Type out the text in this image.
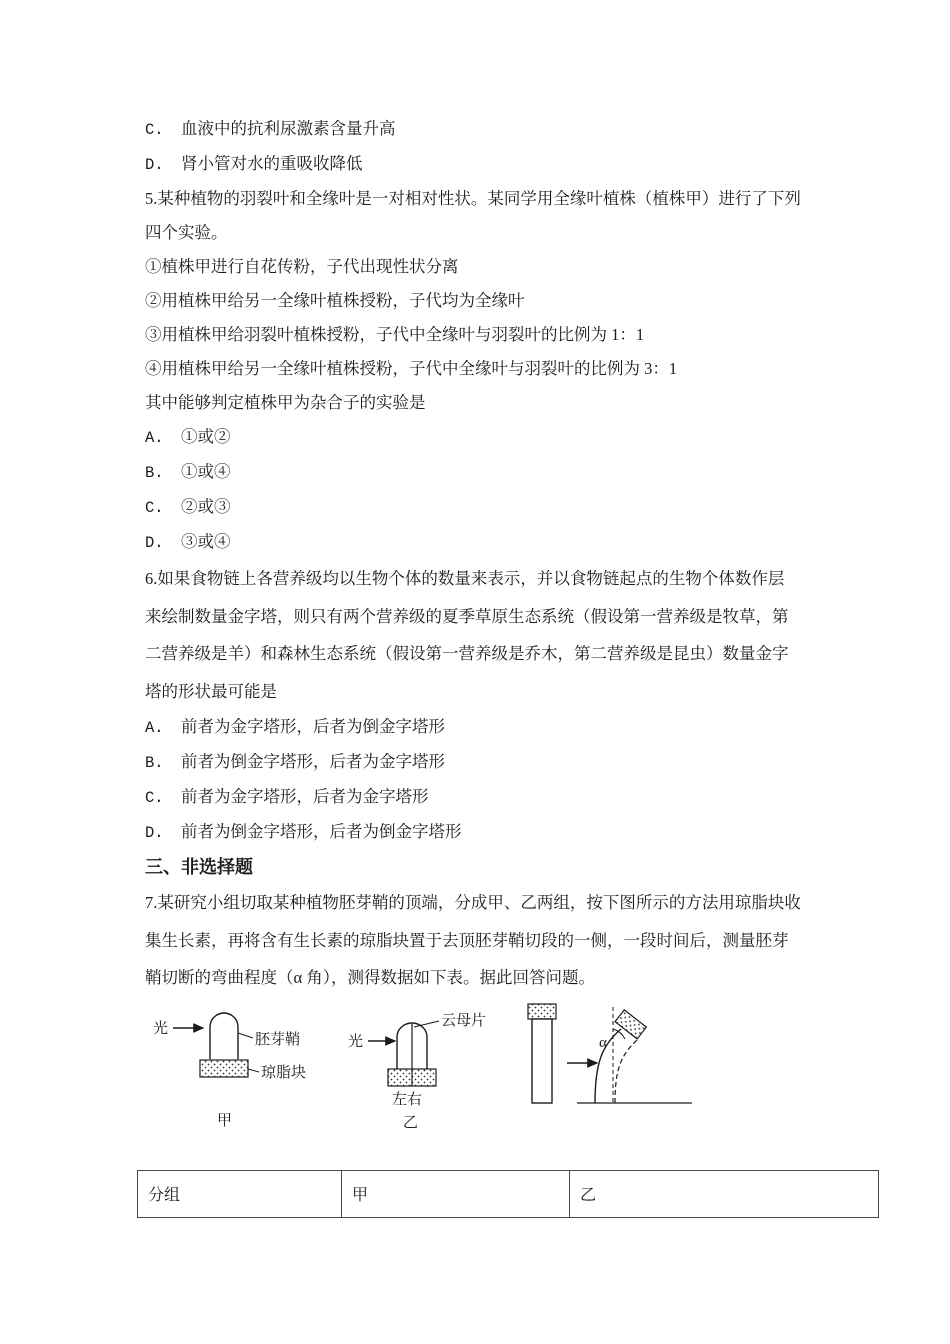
C. 血液中的抗利尿激素含量升高

D. 肾小管对水的重吸收降低

5.某种植物的羽裂叶和全缘叶是一对相对性状。某同学用全缘叶植株（植株甲）进行了下列

四个实验。

①植株甲进行自花传粉，子代出现性状分离

②用植株甲给另一全缘叶植株授粉，子代均为全缘叶

③用植株甲给羽裂叶植株授粉，子代中全缘叶与羽裂叶的比例为 1：1

④用植株甲给另一全缘叶植株授粉，子代中全缘叶与羽裂叶的比例为 3：1

其中能够判定植株甲为杂合子的实验是

A. ①或②

B. ①或④

C. ②或③

D. ③或④

6.如果食物链上各营养级均以生物个体的数量来表示，并以食物链起点的生物个体数作层

来绘制数量金字塔，则只有两个营养级的夏季草原生态系统（假设第一营养级是牧草，第

二营养级是羊）和森林生态系统（假设第一营养级是乔木，第二营养级是昆虫）数量金字

塔的形状最可能是

A. 前者为金字塔形，后者为倒金字塔形

B. 前者为倒金字塔形，后者为金字塔形

C. 前者为金字塔形，后者为金字塔形

D. 前者为倒金字塔形，后者为倒金字塔形

三、非选择题

7.某研究小组切取某种植物胚芽鞘的顶端，分成甲、乙两组，按下图所示的方法用琼脂块收

集生长素，再将含有生长素的琼脂块置于去顶胚芽鞘切段的一侧，一段时间后，测量胚芽

鞘切断的弯曲程度（α 角），测得数据如下表。据此回答问题。

光
胚芽鞘
琼脂块
甲
光
云母片
左右
乙
α
分组	甲	乙
